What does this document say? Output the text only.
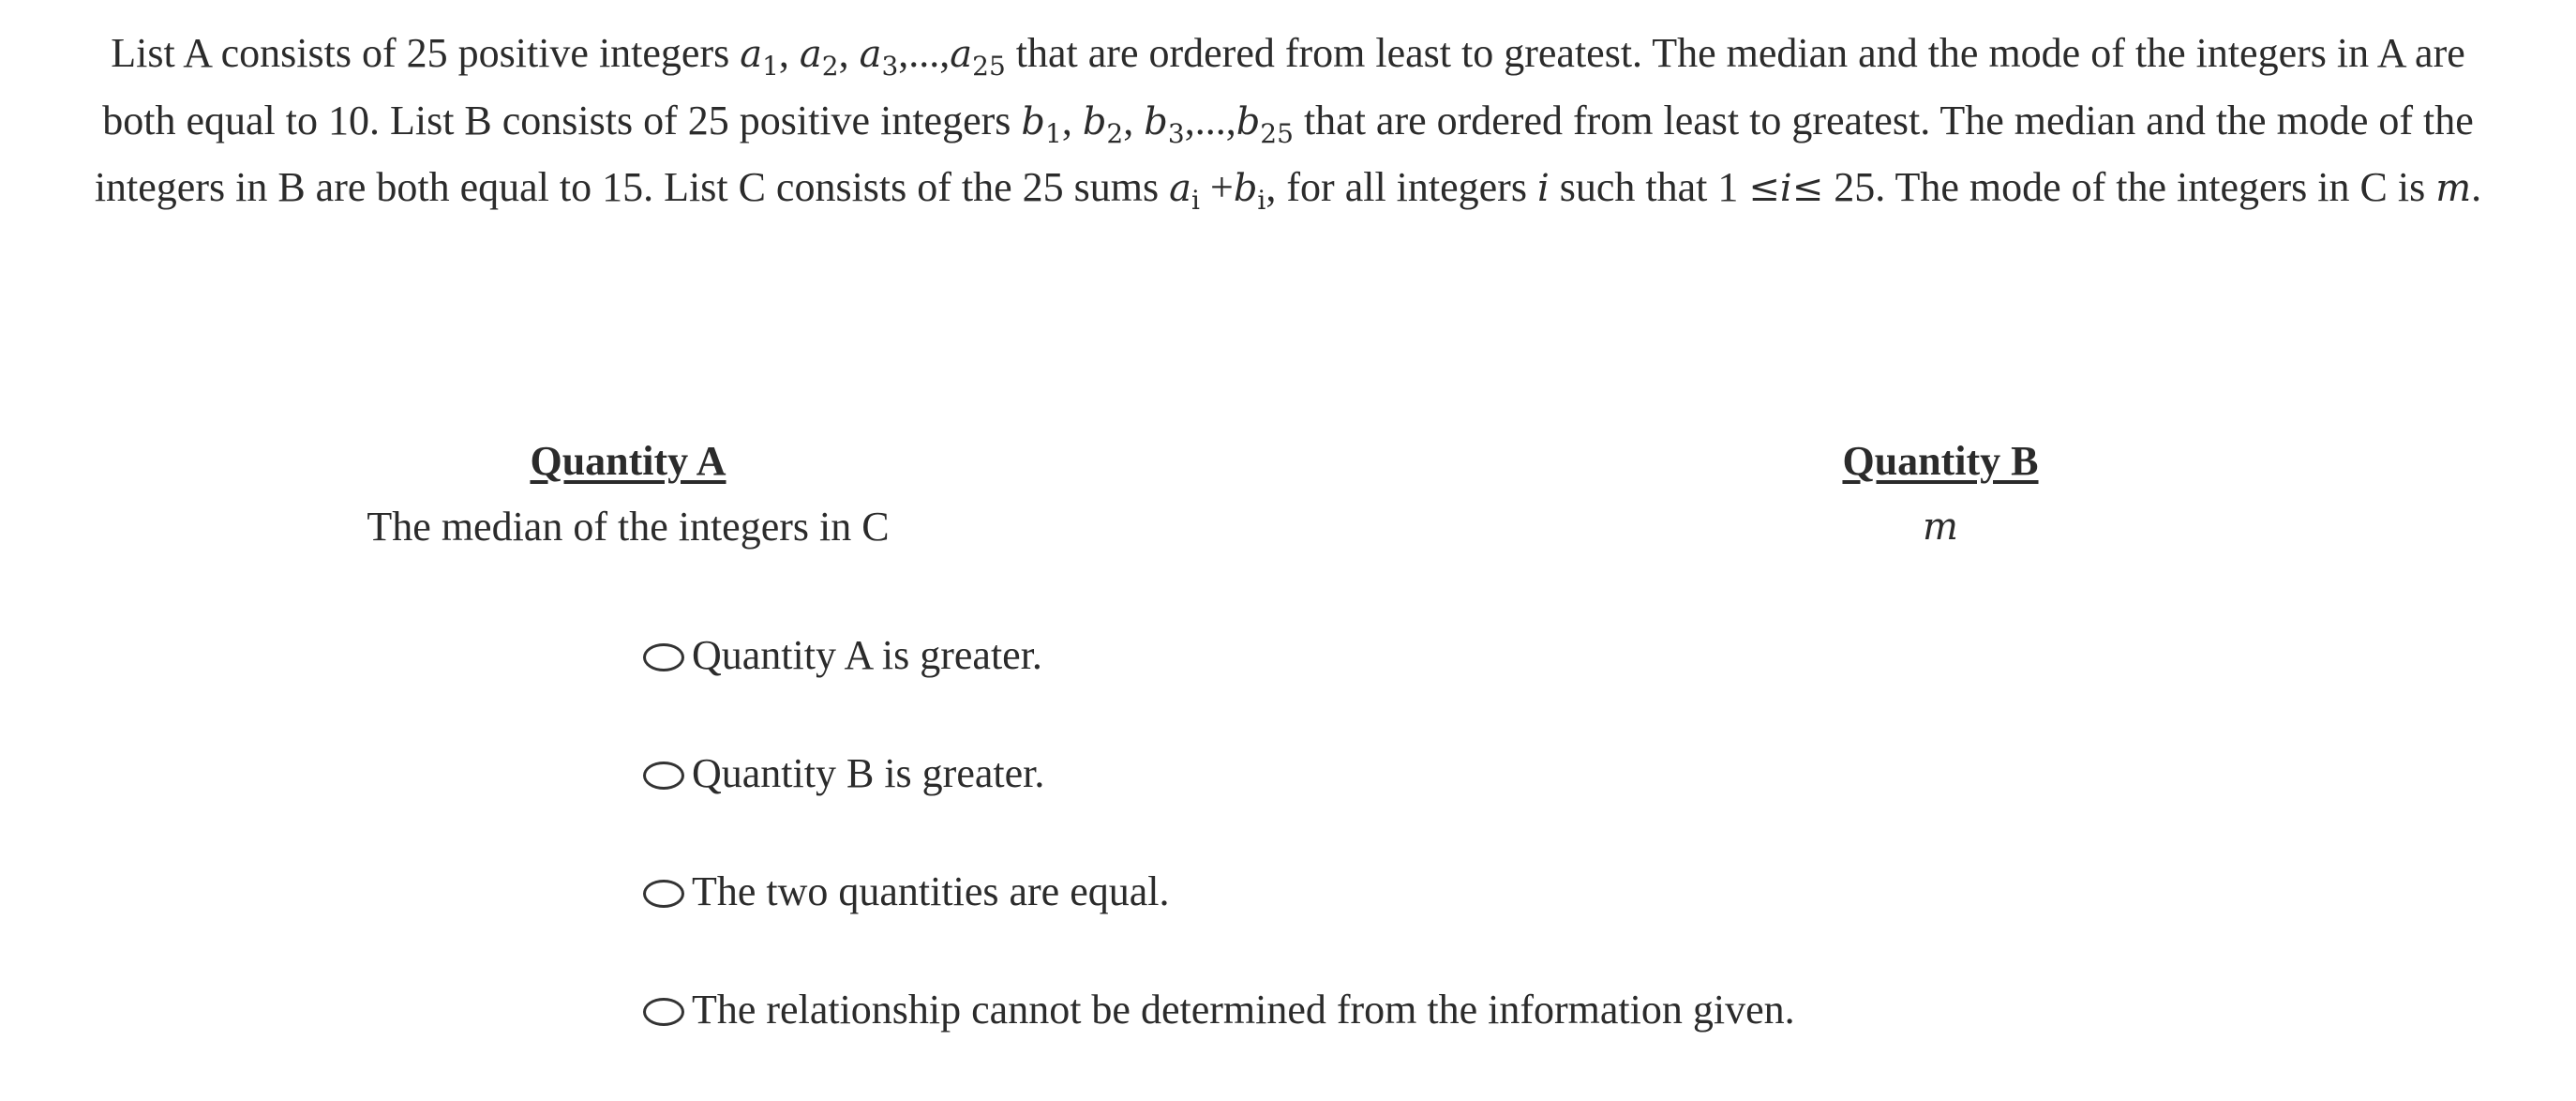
List A consists of 25 positive integers $a_1$, $a_2$, $a_3,...,a_{25}$ that are ordered from least to greatest. The median and the mode of the integers in A are both equal to 10. List B consists of 25 positive integers $b_1$, $b_2$, $b_3,...,b_{25}$ that are ordered from least to greatest. The median and the mode of the integers in B are both equal to 15. List C consists of the 25 sums $a_i +b_i$, for all integers i such that 1 ≤i≤ 25. The mode of the integers in C is m.
Quantity A
The median of the integers in C
Quantity B
m
Quantity A is greater.
Quantity B is greater.
The two quantities are equal.
The relationship cannot be determined from the information given.
